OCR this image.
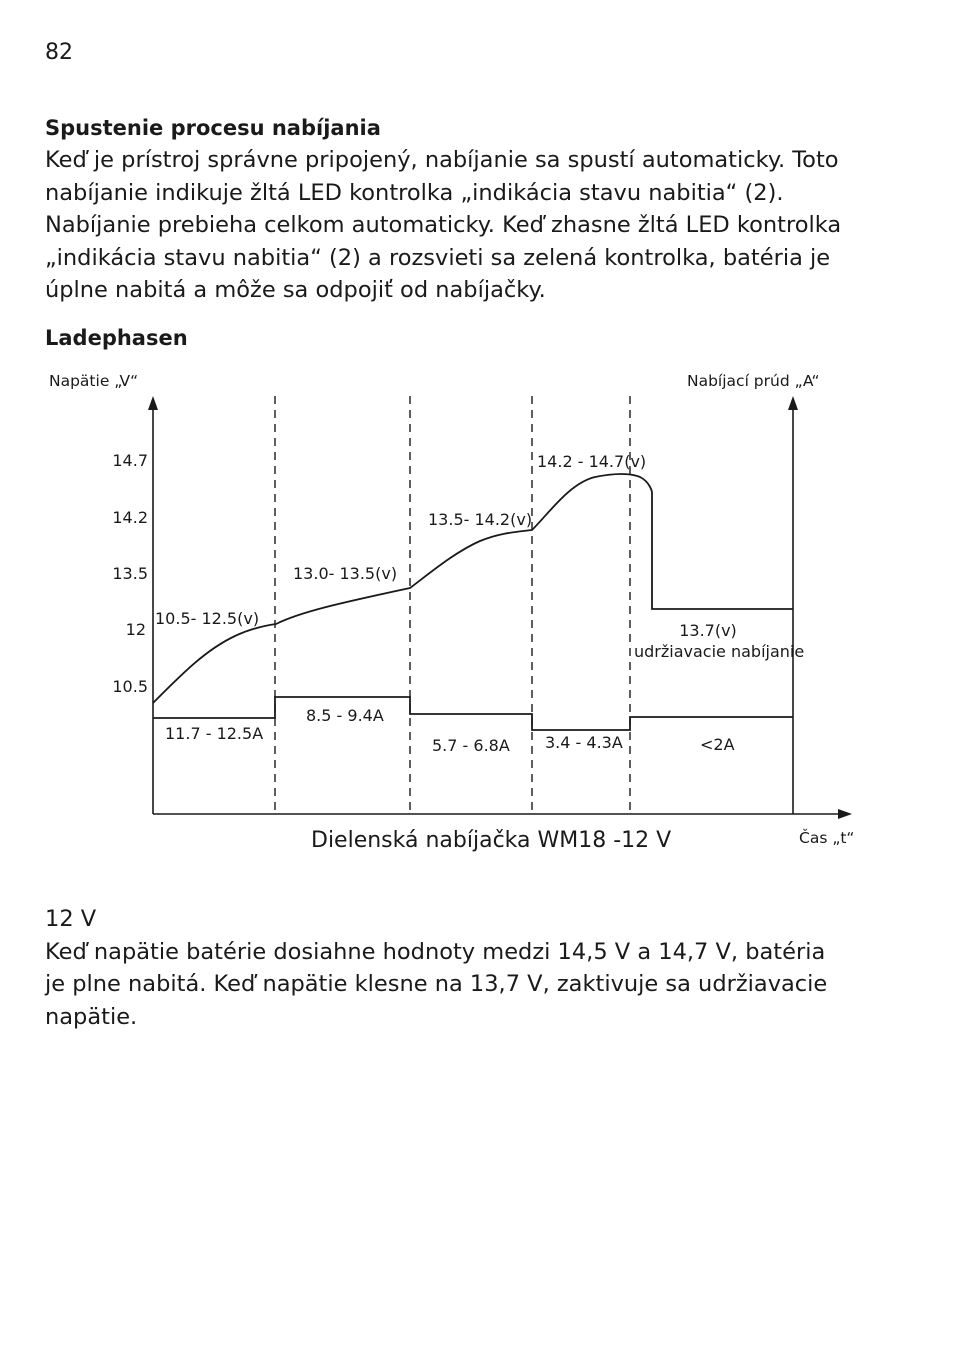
82
Spustenie procesu nabíjania

Keď je prístroj správne pripojený, nabíjanie sa spustí automaticky. Toto

nabíjanie indikuje žltá LED kontrolka „indikácia stavu nabitia“ (2).

Nabíjanie prebieha celkom automaticky. Keď zhasne žltá LED kontrolka

„indikácia stavu nabitia“ (2) a rozsvieti sa zelená kontrolka, batéria je

úplne nabitá a môže sa odpojiť od nabíjačky.

Ladephasen
14.7
14.2
13.5
12
10.5
Napätie „V“	Nabíjací prúd „A“
Čas „t“
10.5- 12.5(v)
13.0- 13.5(v)
13.5- 14.2(v)
14.2 - 14.7(v)
13.7(v)
udržiavacie nabíjanie
11.7 - 12.5A
8.5 - 9.4A
5.7 - 6.8A 3.4 - 4.3A	<2A
Dielenská nabíjačka WM18 -12 V

12 V

Keď napätie batérie dosiahne hodnoty medzi 14,5 V a 14,7 V, batéria

je plne nabitá. Keď napätie klesne na 13,7 V, zaktivuje sa udržiavacie

napätie.
